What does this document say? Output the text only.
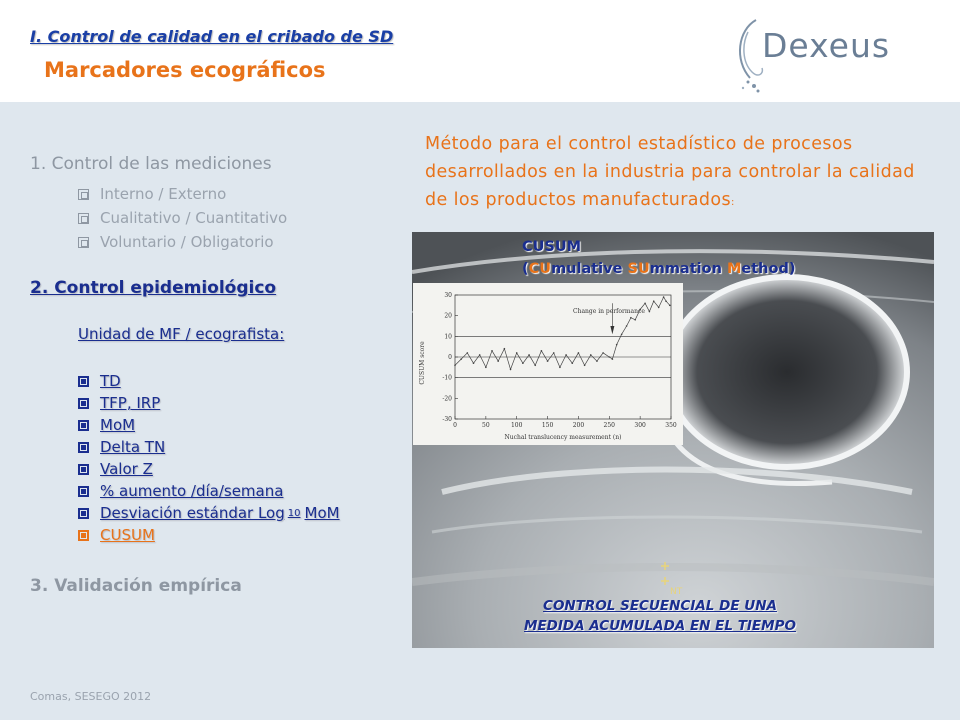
I. Control de calidad en el cribado de SD
Marcadores ecográficos
Dexeus
1. Control de las mediciones
Interno / Externo
Cualitativo / Cuantitativo
Voluntario / Obligatorio
2. Control epidemiológico
Unidad de MF / ecografista:
TD
TFP, IRP
MoM
Delta TN
Valor Z
% aumento /día/semana
Desviación estándar Log 10 MoM
CUSUM
3. Validación empírica
Método para el control estadístico de procesos desarrollados en la industria para controlar la calidad de los productos manufacturados:
NT
0	50	100	150	200	250	300	350
30
20
10
0
-10
-20
-30
CUSUM score
Nuchal translucency measurement (n)
Change in performance
CUSUM
(CUmulative SUmmation Method)
CONTROL SECUENCIAL DE UNA
MEDIDA ACUMULADA EN EL TIEMPO
Comas, SESEGO 2012
